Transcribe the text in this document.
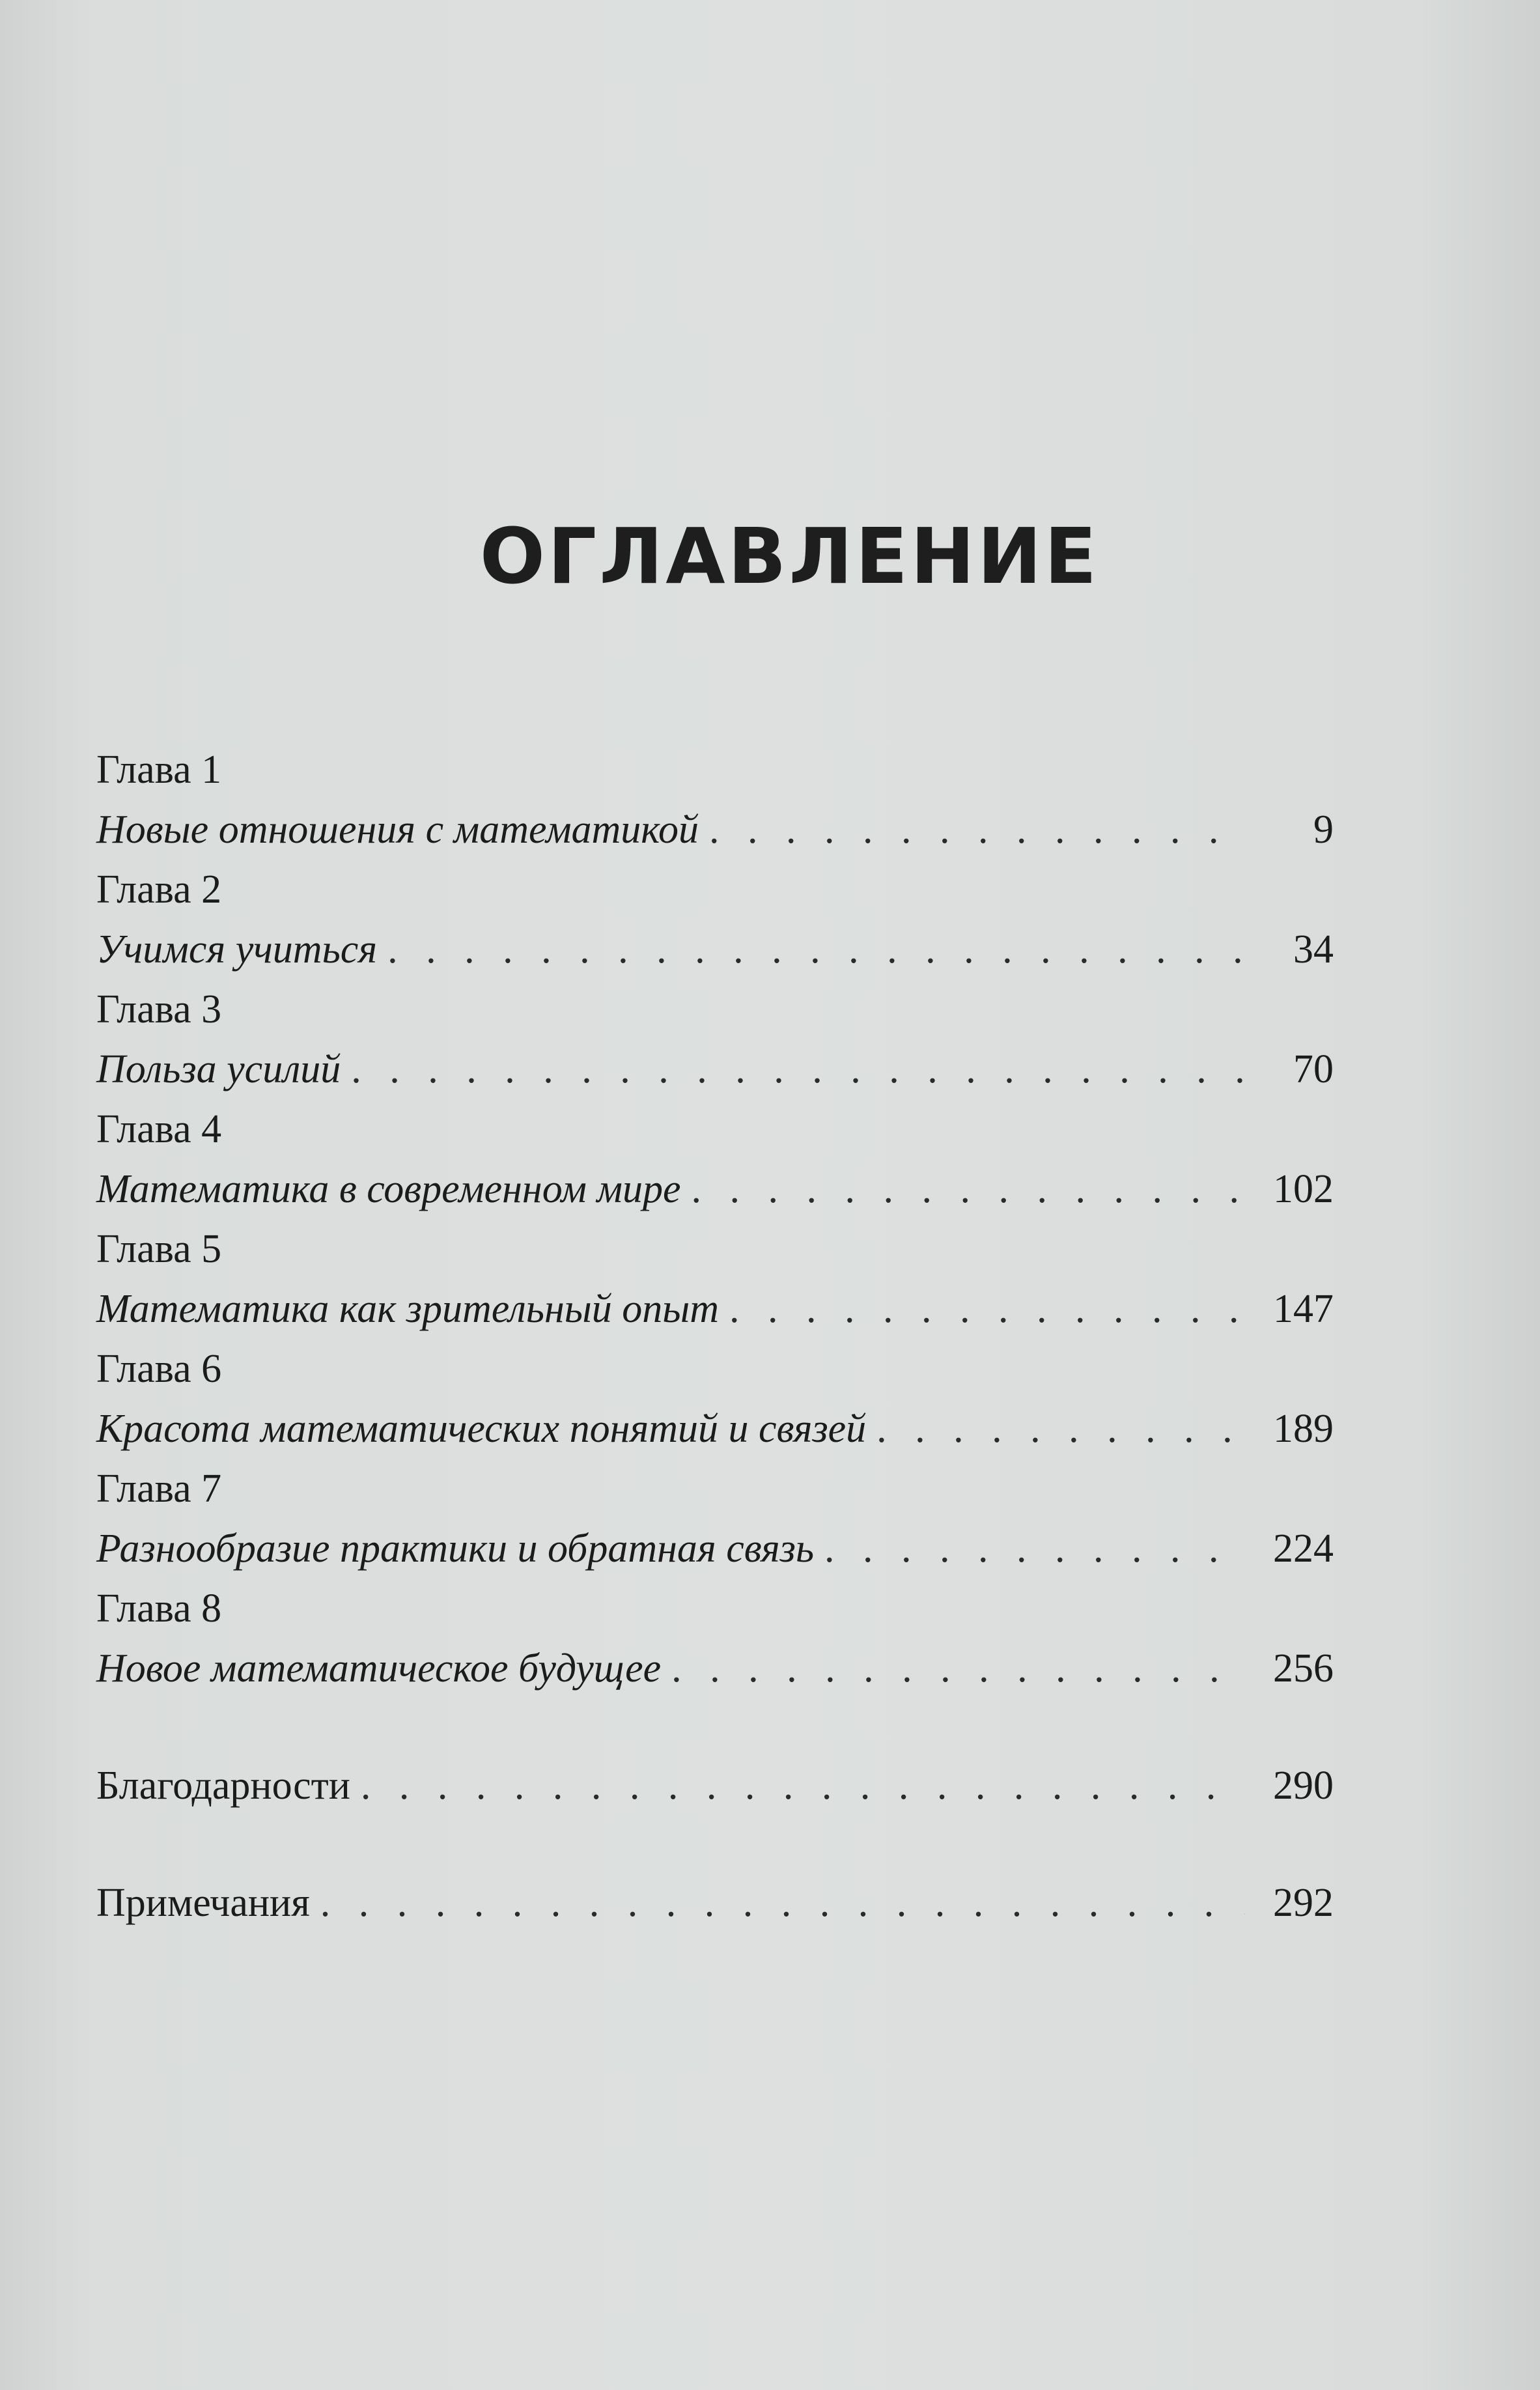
ОГЛАВЛЕНИЕ
Глава 1
Новые отношения с математикой . . .	9
Глава 2
Учимся учиться . . .	34
Глава 3
Польза усилий . . .	70
Глава 4
Математика в современном мире . . .	102
Глава 5
Математика как зрительный опыт . . .	147
Глава 6
Красота математических понятий и связей . . .	189
Глава 7
Разнообразие практики и обратная связь . . .	224
Глава 8
Новое математическое будущее . . .	256
Благодарности . . .	290
Примечания . . .	292
